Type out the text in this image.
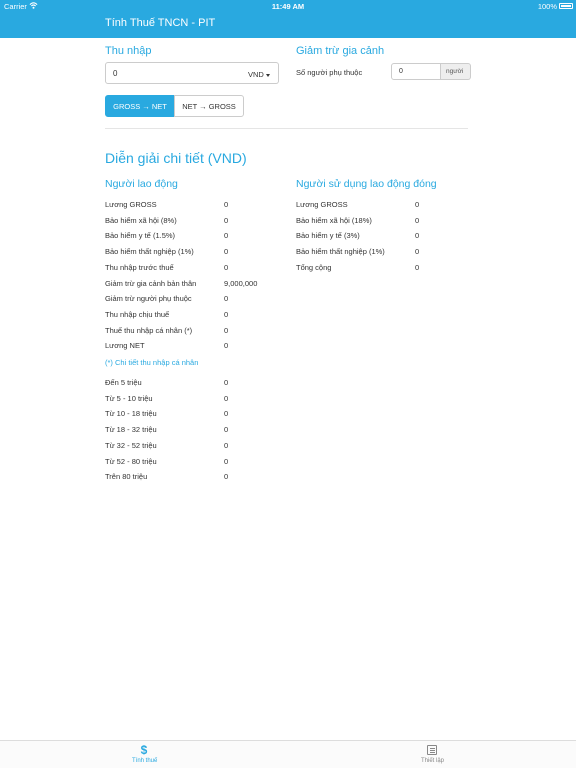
Carrier	11:49 AM	100%
Tính Thuế TNCN - PIT
Thu nhập
0	VND
Giảm trừ gia cảnh
Số người phụ thuộc	0	người
GROSS → NET	NET → GROSS
Diễn giải chi tiết (VND)
Người lao động	Người sử dụng lao động đóng
Lương GROSS	0
Bảo hiểm xã hội (8%)	0
Bảo hiểm y tế (1.5%)	0
Bảo hiểm thất nghiệp (1%)	0
Thu nhập trước thuế	0
Giảm trừ gia cảnh bản thân	9,000,000
Giảm trừ người phụ thuộc	0
Thu nhập chịu thuế	0
Thuế thu nhập cá nhân (*)	0
Lương NET	0
Lương GROSS	0
Bảo hiểm xã hội (18%)	0
Bảo hiểm y tế (3%)	0
Bảo hiểm thất nghiệp (1%)	0
Tổng cộng	0
(*) Chi tiết thu nhập cá nhân
Đến 5 triệu	0
Từ 5 - 10 triệu	0
Từ 10 - 18 triệu	0
Từ 18 - 32 triệu	0
Từ 32 - 52 triệu	0
Từ 52 - 80 triệu	0
Trên 80 triệu	0
$
Tính thuế	Thiết lập
